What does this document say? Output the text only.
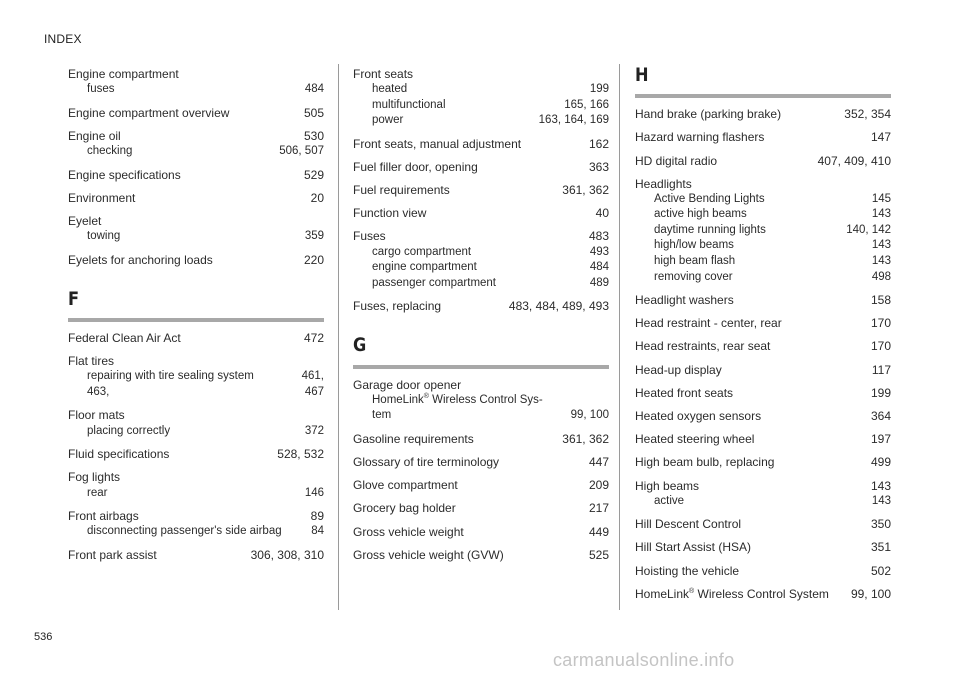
INDEX
Engine compartment
fuses	484
Engine compartment overview	505
Engine oil	530
checking	506, 507
Engine specifications	529
Environment	20
Eyelet
towing	359
Eyelets for anchoring loads	220
F
Federal Clean Air Act	472
Flat tires
repairing with tire sealing system	461,
463,	467
Floor mats
placing correctly	372
Fluid specifications	528, 532
Fog lights
rear	146
Front airbags	89
disconnecting passenger's side airbag	84
Front park assist	306, 308, 310
Front seats
heated	199
multifunctional	165, 166
power	163, 164, 169
Front seats, manual adjustment	162
Fuel filler door, opening	363
Fuel requirements	361, 362
Function view	40
Fuses	483
cargo compartment	493
engine compartment	484
passenger compartment	489
Fuses, replacing	483, 484, 489, 493
G
Garage door opener
HomeLink® Wireless Control Sys-
tem	99, 100
Gasoline requirements	361, 362
Glossary of tire terminology	447
Glove compartment	209
Grocery bag holder	217
Gross vehicle weight	449
Gross vehicle weight (GVW)	525
H
Hand brake (parking brake)	352, 354
Hazard warning flashers	147
HD digital radio	407, 409, 410
Headlights
Active Bending Lights	145
active high beams	143
daytime running lights	140, 142
high/low beams	143
high beam flash	143
removing cover	498
Headlight washers	158
Head restraint - center, rear	170
Head restraints, rear seat	170
Head-up display	117
Heated front seats	199
Heated oxygen sensors	364
Heated steering wheel	197
High beam bulb, replacing	499
High beams	143
active	143
Hill Descent Control	350
Hill Start Assist (HSA)	351
Hoisting the vehicle	502
HomeLink® Wireless Control System	99, 100
536
carmanualsonline.info
